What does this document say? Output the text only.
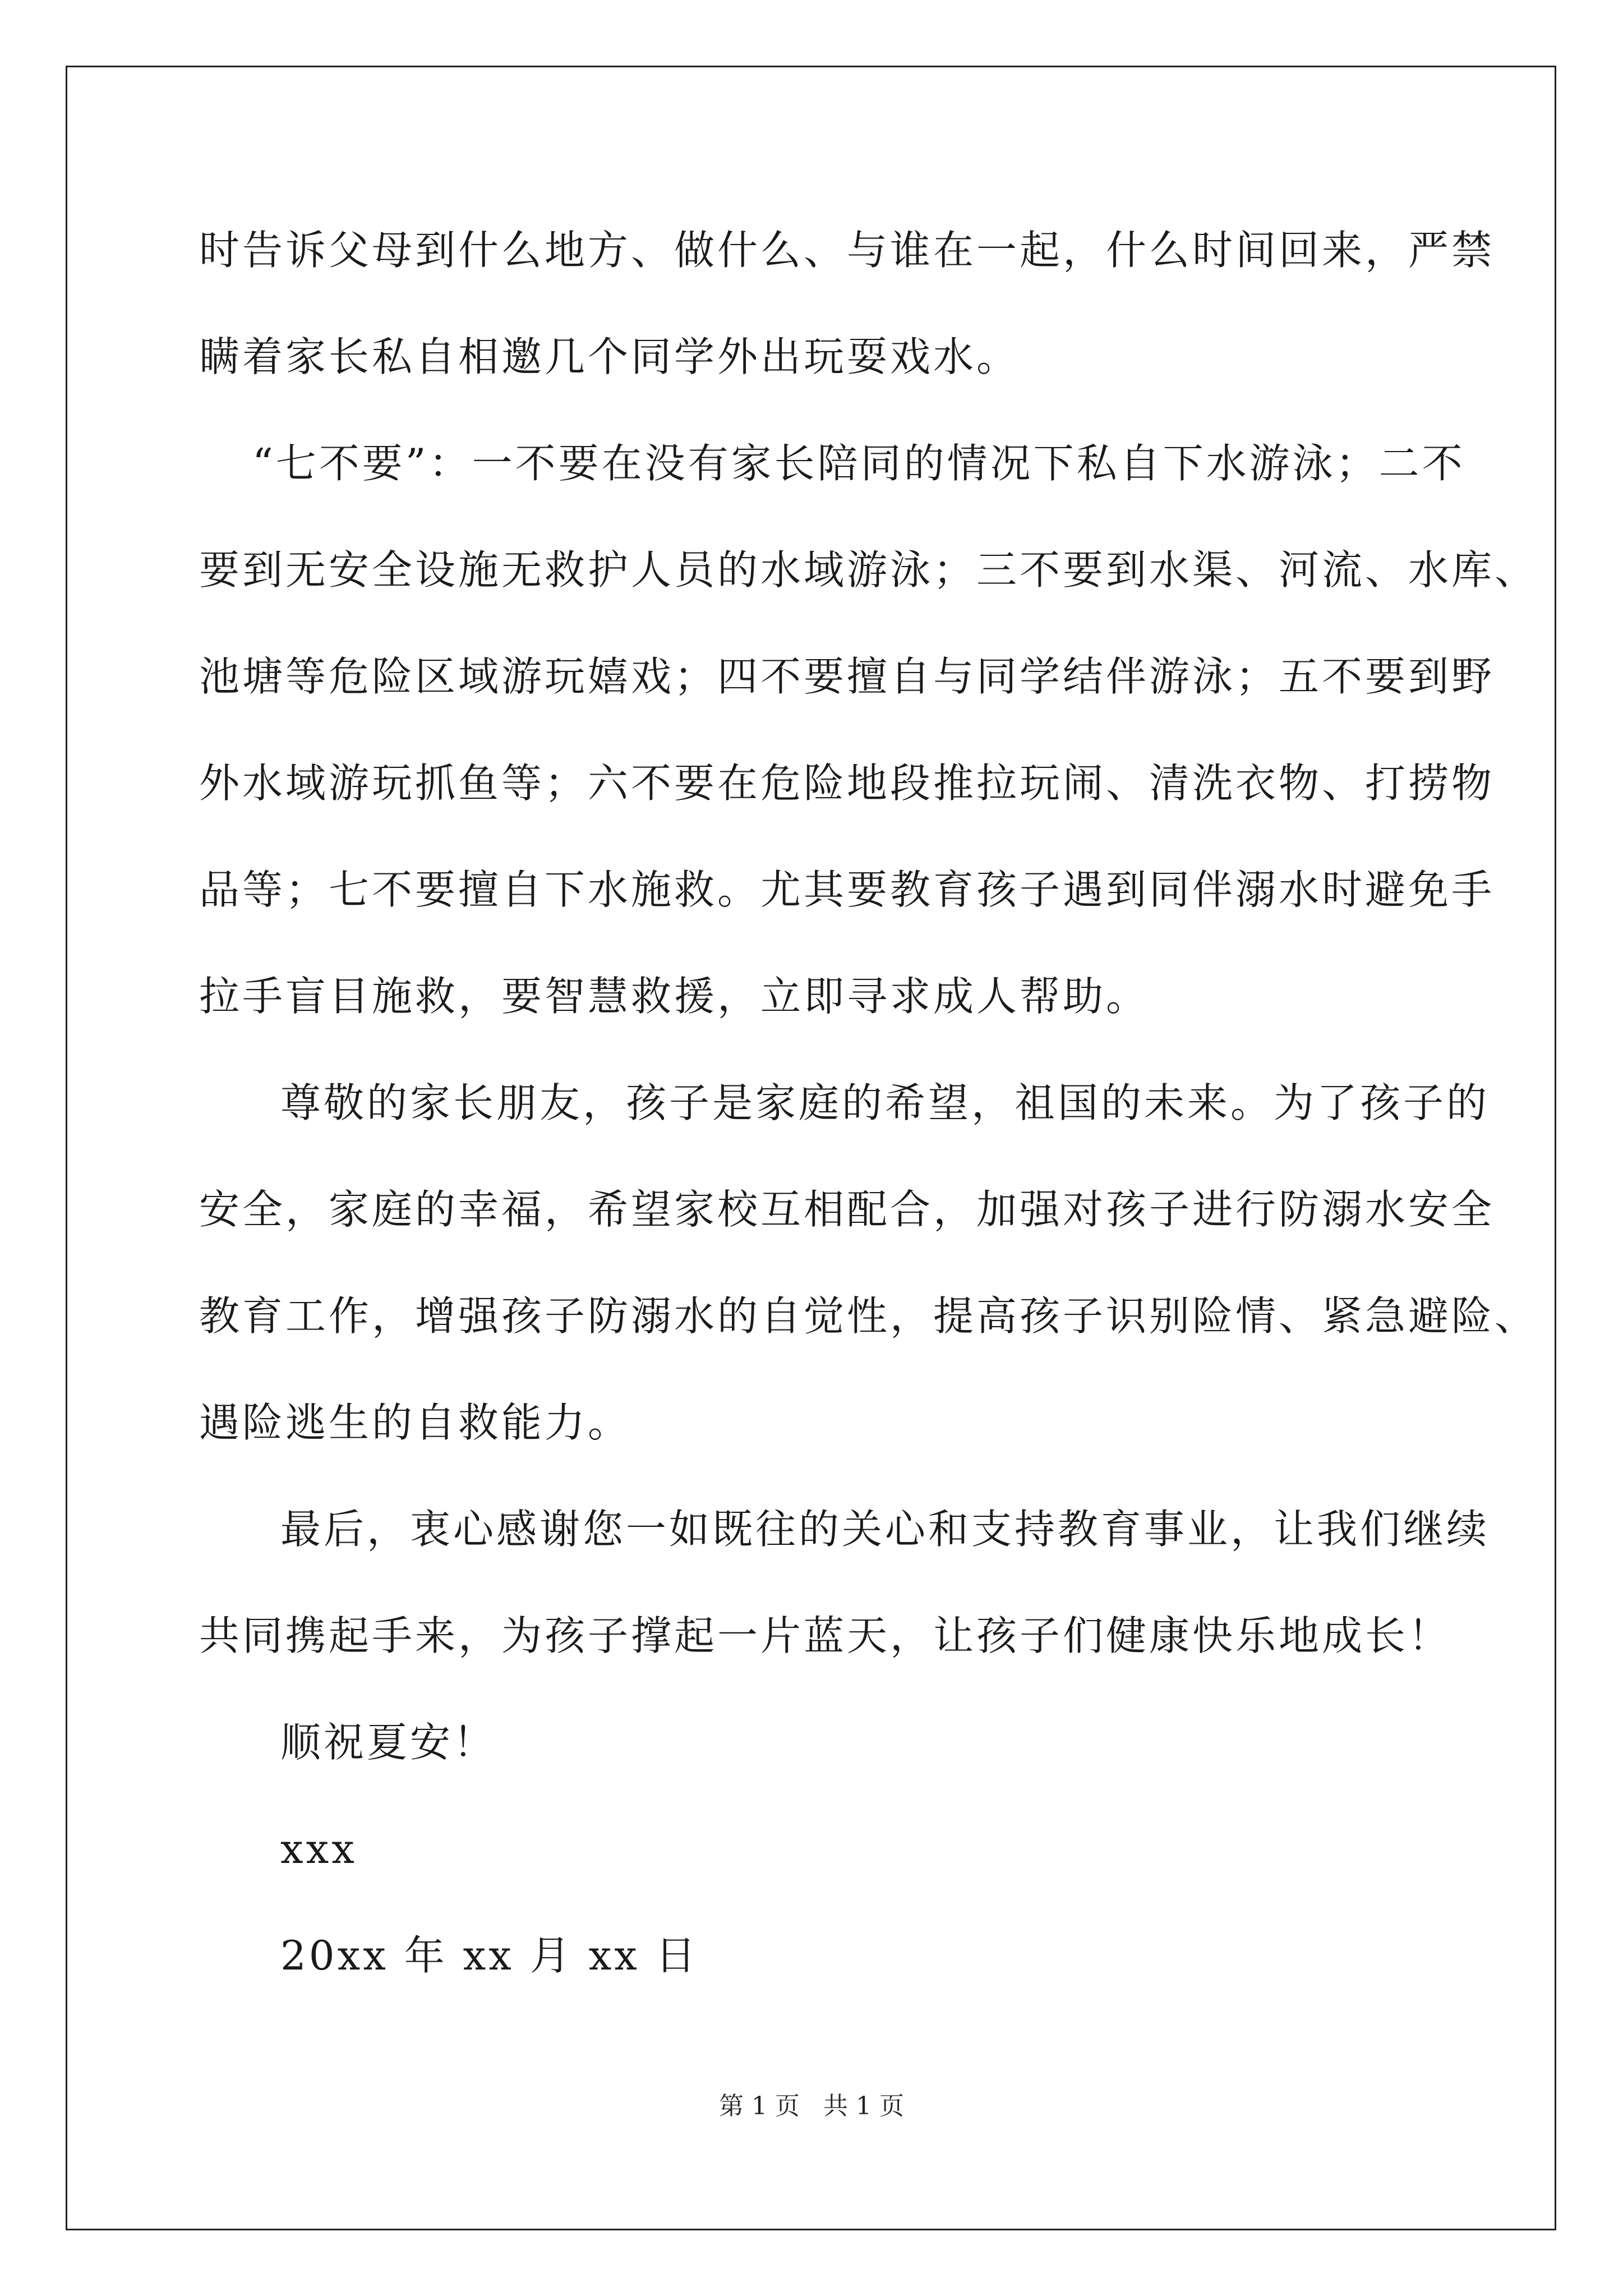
时告诉父母到什么地方、做什么、与谁在一起，什么时间回来，严禁
瞒着家长私自相邀几个同学外出玩耍戏水。
“七不要”：一不要在没有家长陪同的情况下私自下水游泳；二不
要到无安全设施无救护人员的水域游泳；三不要到水渠、河流、水库、
池塘等危险区域游玩嬉戏；四不要擅自与同学结伴游泳；五不要到野
外水域游玩抓鱼等；六不要在危险地段推拉玩闹、清洗衣物、打捞物
品等；七不要擅自下水施救。尤其要教育孩子遇到同伴溺水时避免手
拉手盲目施救，要智慧救援，立即寻求成人帮助。
尊敬的家长朋友，孩子是家庭的希望，祖国的未来。为了孩子的
安全，家庭的幸福，希望家校互相配合，加强对孩子进行防溺水安全
教育工作，增强孩子防溺水的自觉性，提高孩子识别险情、紧急避险、
遇险逃生的自救能力。
最后，衷心感谢您一如既往的关心和支持教育事业，让我们继续
共同携起手来，为孩子撑起一片蓝天，让孩子们健康快乐地成长！
顺祝夏安！
xxx
20xx 年 xx 月 xx 日
第 1 页   共 1 页
